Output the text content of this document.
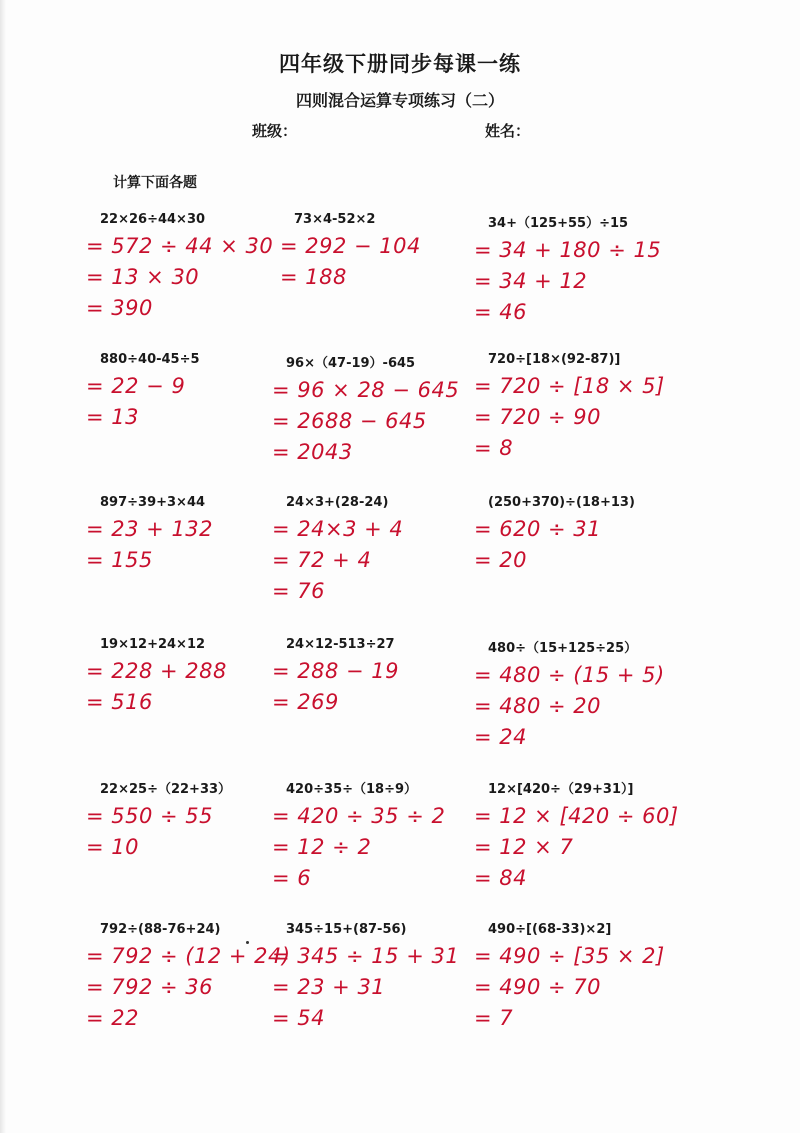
四年级下册同步每课一练
四则混合运算专项练习（二）
班级：	姓名：
计算下面各题
22×26÷44×30
= 572 ÷ 44 × 30
= 13 × 30
= 390
73×4-52×2
= 292 − 104
= 188
34+（125+55）÷15
= 34 + 180 ÷ 15
= 34 + 12
= 46
880÷40-45÷5
= 22 − 9
= 13
96×（47-19）-645
= 96 × 28 − 645
= 2688 − 645
= 2043
720÷[18×(92-87)]
= 720 ÷ [18 × 5]
= 720 ÷ 90
= 8
897÷39+3×44
= 23 + 132
= 155
24×3+(28-24)
= 24×3 + 4
= 72 + 4
= 76
(250+370)÷(18+13)
= 620 ÷ 31
= 20
19×12+24×12
= 228 + 288
= 516
24×12-513÷27
= 288 − 19
= 269
480÷（15+125÷25）
= 480 ÷ (15 + 5)
= 480 ÷ 20
= 24
22×25÷（22+33）
= 550 ÷ 55
= 10
420÷35÷（18÷9）
= 420 ÷ 35 ÷ 2
= 12 ÷ 2
= 6
12×[420÷（29+31）]
= 12 × [420 ÷ 60]
= 12 × 7
= 84
792÷(88-76+24)
= 792 ÷ (12 + 24)
= 792 ÷ 36
= 22
345÷15+(87-56)
= 345 ÷ 15 + 31
= 23 + 31
= 54
490÷[(68-33)×2]
= 490 ÷ [35 × 2]
= 490 ÷ 70
= 7
